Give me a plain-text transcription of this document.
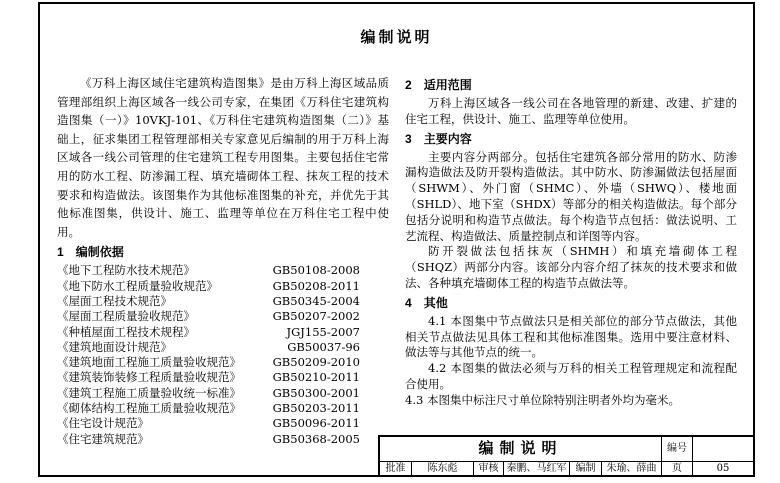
编制说明

《万科上海区域住宅建筑构造图集》是由万科上海区域品质管理部组织上海区域各一线公司专家，在集团《万科住宅建筑构造图集（一）》10VKJ-101、《万科住宅建筑构造图集（二）》基础上，征求集团工程管理部相关专家意见后编制的用于万科上海区域各一线公司管理的住宅建筑工程专用图集。主要包括住宅常用的防水工程、防渗漏工程、填充墙砌体工程、抹灰工程的技术要求和构造做法。该图集作为其他标准图集的补充，并优先于其他标准图集，供设计、施工、监理等单位在万科住宅工程中使用。

1 编制依据
《地下工程防水技术规范》	GB50108-2008
《地下防水工程质量验收规范》	GB50208-2011
《屋面工程技术规范》	GB50345-2004
《屋面工程质量验收规范》	GB50207-2002
《种植屋面工程技术规程》	JGJ155-2007
《建筑地面设计规范》	GB50037-96
《建筑地面工程施工质量验收规范》	GB50209-2010
《建筑装饰装修工程质量验收规范》	GB50210-2011
《建筑工程施工质量验收统一标准》	GB50300-2001
《砌体结构工程施工质量验收规范》	GB50203-2011
《住宅设计规范》	GB50096-2011
《住宅建筑规范》	GB50368-2005
2 适用范围

万科上海区域各一线公司在各地管理的新建、改建、扩建的住宅工程，供设计、施工、监理等单位使用。

3 主要内容

主要内容分两部分。包括住宅建筑各部分常用的防水、防渗漏构造做法及防开裂构造做法。其中防水、防渗漏做法包括屋面（SHWM）、外门窗（SHMC）、外墙（SHWQ）、楼地面（SHLD）、地下室（SHDX）等部分的相关构造做法。每个部分包括分说明和构造节点做法。每个构造节点包括：做法说明、工艺流程、构造做法、质量控制点和详图等内容。

防开裂做法包括抹灰（SHMH）和填充墙砌体工程（SHQZ）两部分内容。该部分内容介绍了抹灰的技术要求和做法、各种填充墙砌体工程的构造节点做法等。

4 其他

4.1 本图集中节点做法只是相关部位的部分节点做法，其他相关节点做法见具体工程和其他标准图集。选用中要注意材料、做法等与其他节点的统一。

4.2 本图集的做法必须与万科的相关工程管理规定和流程配合使用。

4.3 本图集中标注尺寸单位除特别注明者外均为毫米。

编制说明	编号
批准	陈东彪	审核 秦鹏、马红军 编制	朱瑜、薛曲	页	05
